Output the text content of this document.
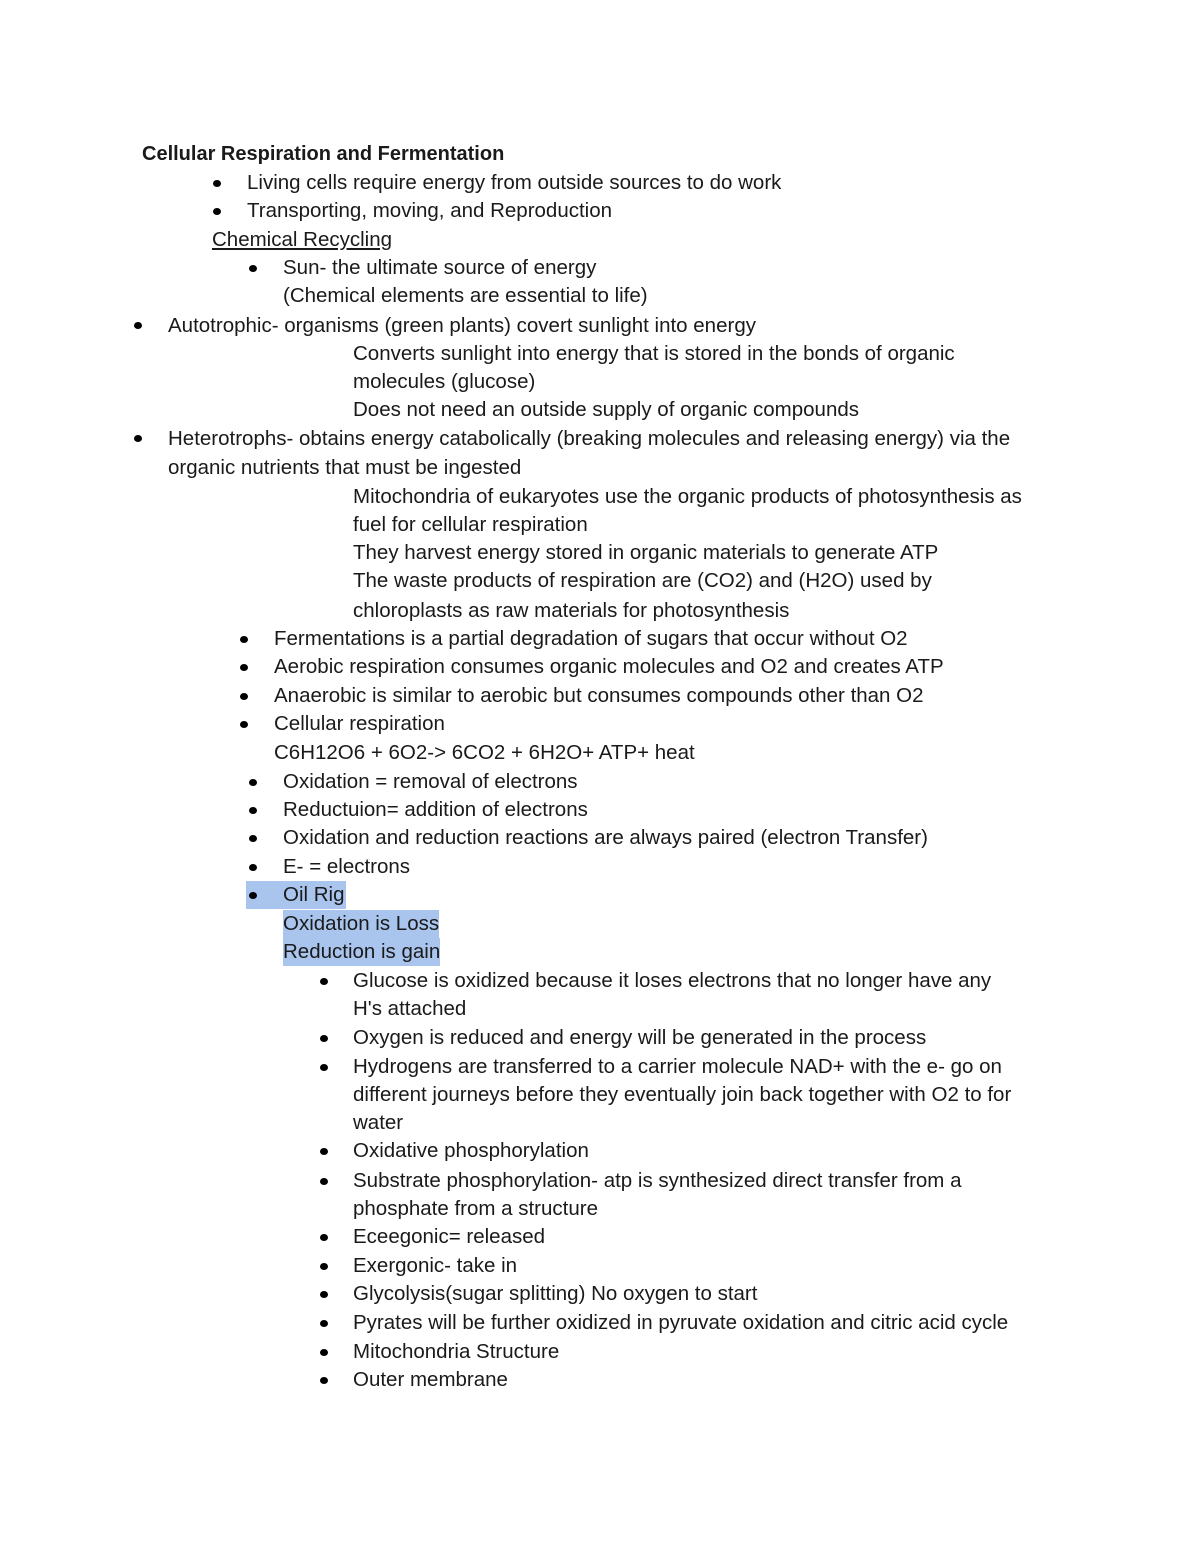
Cellular Respiration and Fermentation
Living cells require energy from outside sources to do work
Transporting, moving, and Reproduction
Chemical Recycling
Sun- the ultimate source of energy
(Chemical elements are essential to life)
Autotrophic- organisms (green plants) covert sunlight into energy
Converts sunlight into energy that is stored in the bonds of organic
molecules (glucose)
Does not need an outside supply of organic compounds
Heterotrophs- obtains energy catabolically (breaking molecules and releasing energy) via the
organic nutrients that must be ingested
Mitochondria of eukaryotes use the organic products of photosynthesis as
fuel for cellular respiration
They harvest energy stored in organic materials to generate ATP
The waste products of respiration are (CO2) and (H2O) used by
chloroplasts as raw materials for photosynthesis
Fermentations is a partial degradation of sugars that occur without O2
Aerobic respiration consumes organic molecules and O2 and creates ATP
Anaerobic is similar to aerobic but consumes compounds other than O2
Cellular respiration
C6H12O6 + 6O2-> 6CO2 + 6H2O+ ATP+ heat
Oxidation = removal of electrons
Reductuion= addition of electrons
Oxidation and reduction reactions are always paired (electron Transfer)
E- = electrons
Oil Rig
Oxidation is Loss
Reduction is gain
Glucose is oxidized because it loses electrons that no longer have any
H's attached
Oxygen is reduced and energy will be generated in the process
Hydrogens are transferred to a carrier molecule NAD+ with the e- go on
different journeys before they eventually join back together with O2 to for
water
Oxidative phosphorylation
Substrate phosphorylation- atp is synthesized direct transfer from a
phosphate from a structure
Eceegonic= released
Exergonic- take in
Glycolysis(sugar splitting) No oxygen to start
Pyrates will be further oxidized in pyruvate oxidation and citric acid cycle
Mitochondria Structure
Outer membrane
